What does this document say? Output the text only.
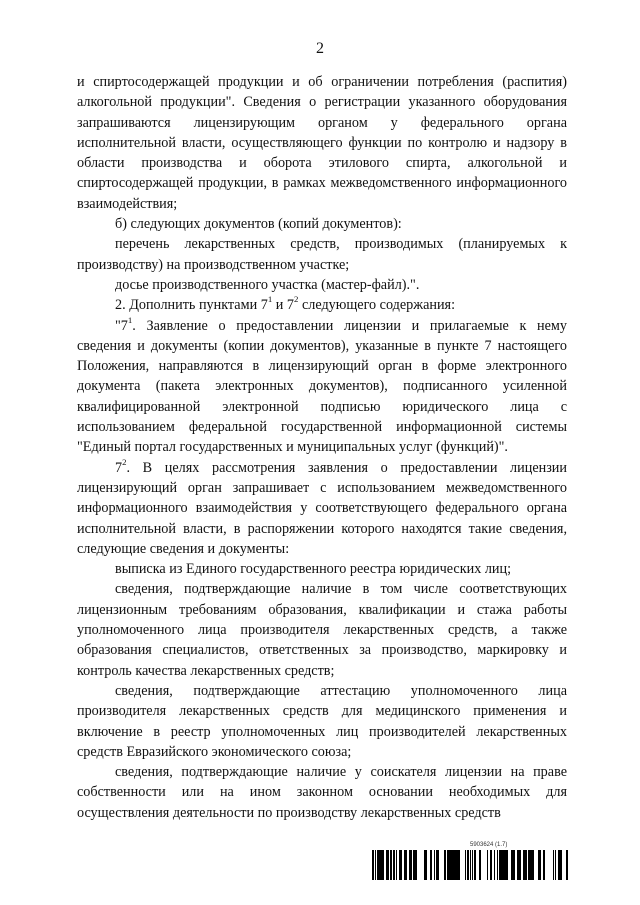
2

и спиртосодержащей продукции и об ограничении потребления (распития) алкогольной продукции". Сведения о регистрации указанного оборудования запрашиваются лицензирующим органом у федерального органа исполнительной власти, осуществляющего функции по контролю и надзору в области производства и оборота этилового спирта, алкогольной и спиртосодержащей продукции, в рамках межведомственного информационного взаимодействия;

б) следующих документов (копий документов):

перечень лекарственных средств, производимых (планируемых к производству) на производственном участке;

досье производственного участка (мастер-файл).".

2. Дополнить пунктами $7^1$ и $7^2$ следующего содержания:

"$7^1$. Заявление о предоставлении лицензии и прилагаемые к нему сведения и документы (копии документов), указанные в пункте 7 настоящего Положения, направляются в лицензирующий орган в форме электронного документа (пакета электронных документов), подписанного усиленной квалифицированной электронной подписью юридического лица с использованием федеральной государственной информационной системы "Единый портал государственных и муниципальных услуг (функций)".

$7^2$. В целях рассмотрения заявления о предоставлении лицензии лицензирующий орган запрашивает с использованием межведомственного информационного взаимодействия у соответствующего федерального органа исполнительной власти, в распоряжении которого находятся такие сведения, следующие сведения и документы:

выписка из Единого государственного реестра юридических лиц;

сведения, подтверждающие наличие в том числе соответствующих лицензионным требованиям образования, квалификации и стажа работы уполномоченного лица производителя лекарственных средств, а также образования специалистов, ответственных за производство, маркировку и контроль качества лекарственных средств;

сведения, подтверждающие аттестацию уполномоченного лица производителя лекарственных средств для медицинского применения и включение в реестр уполномоченных лиц производителей лекарственных средств Евразийского экономического союза;

сведения, подтверждающие наличие у соискателя лицензии на праве собственности или на ином законном основании необходимых для осуществления деятельности по производству лекарственных средств

5903624 (1.7)
